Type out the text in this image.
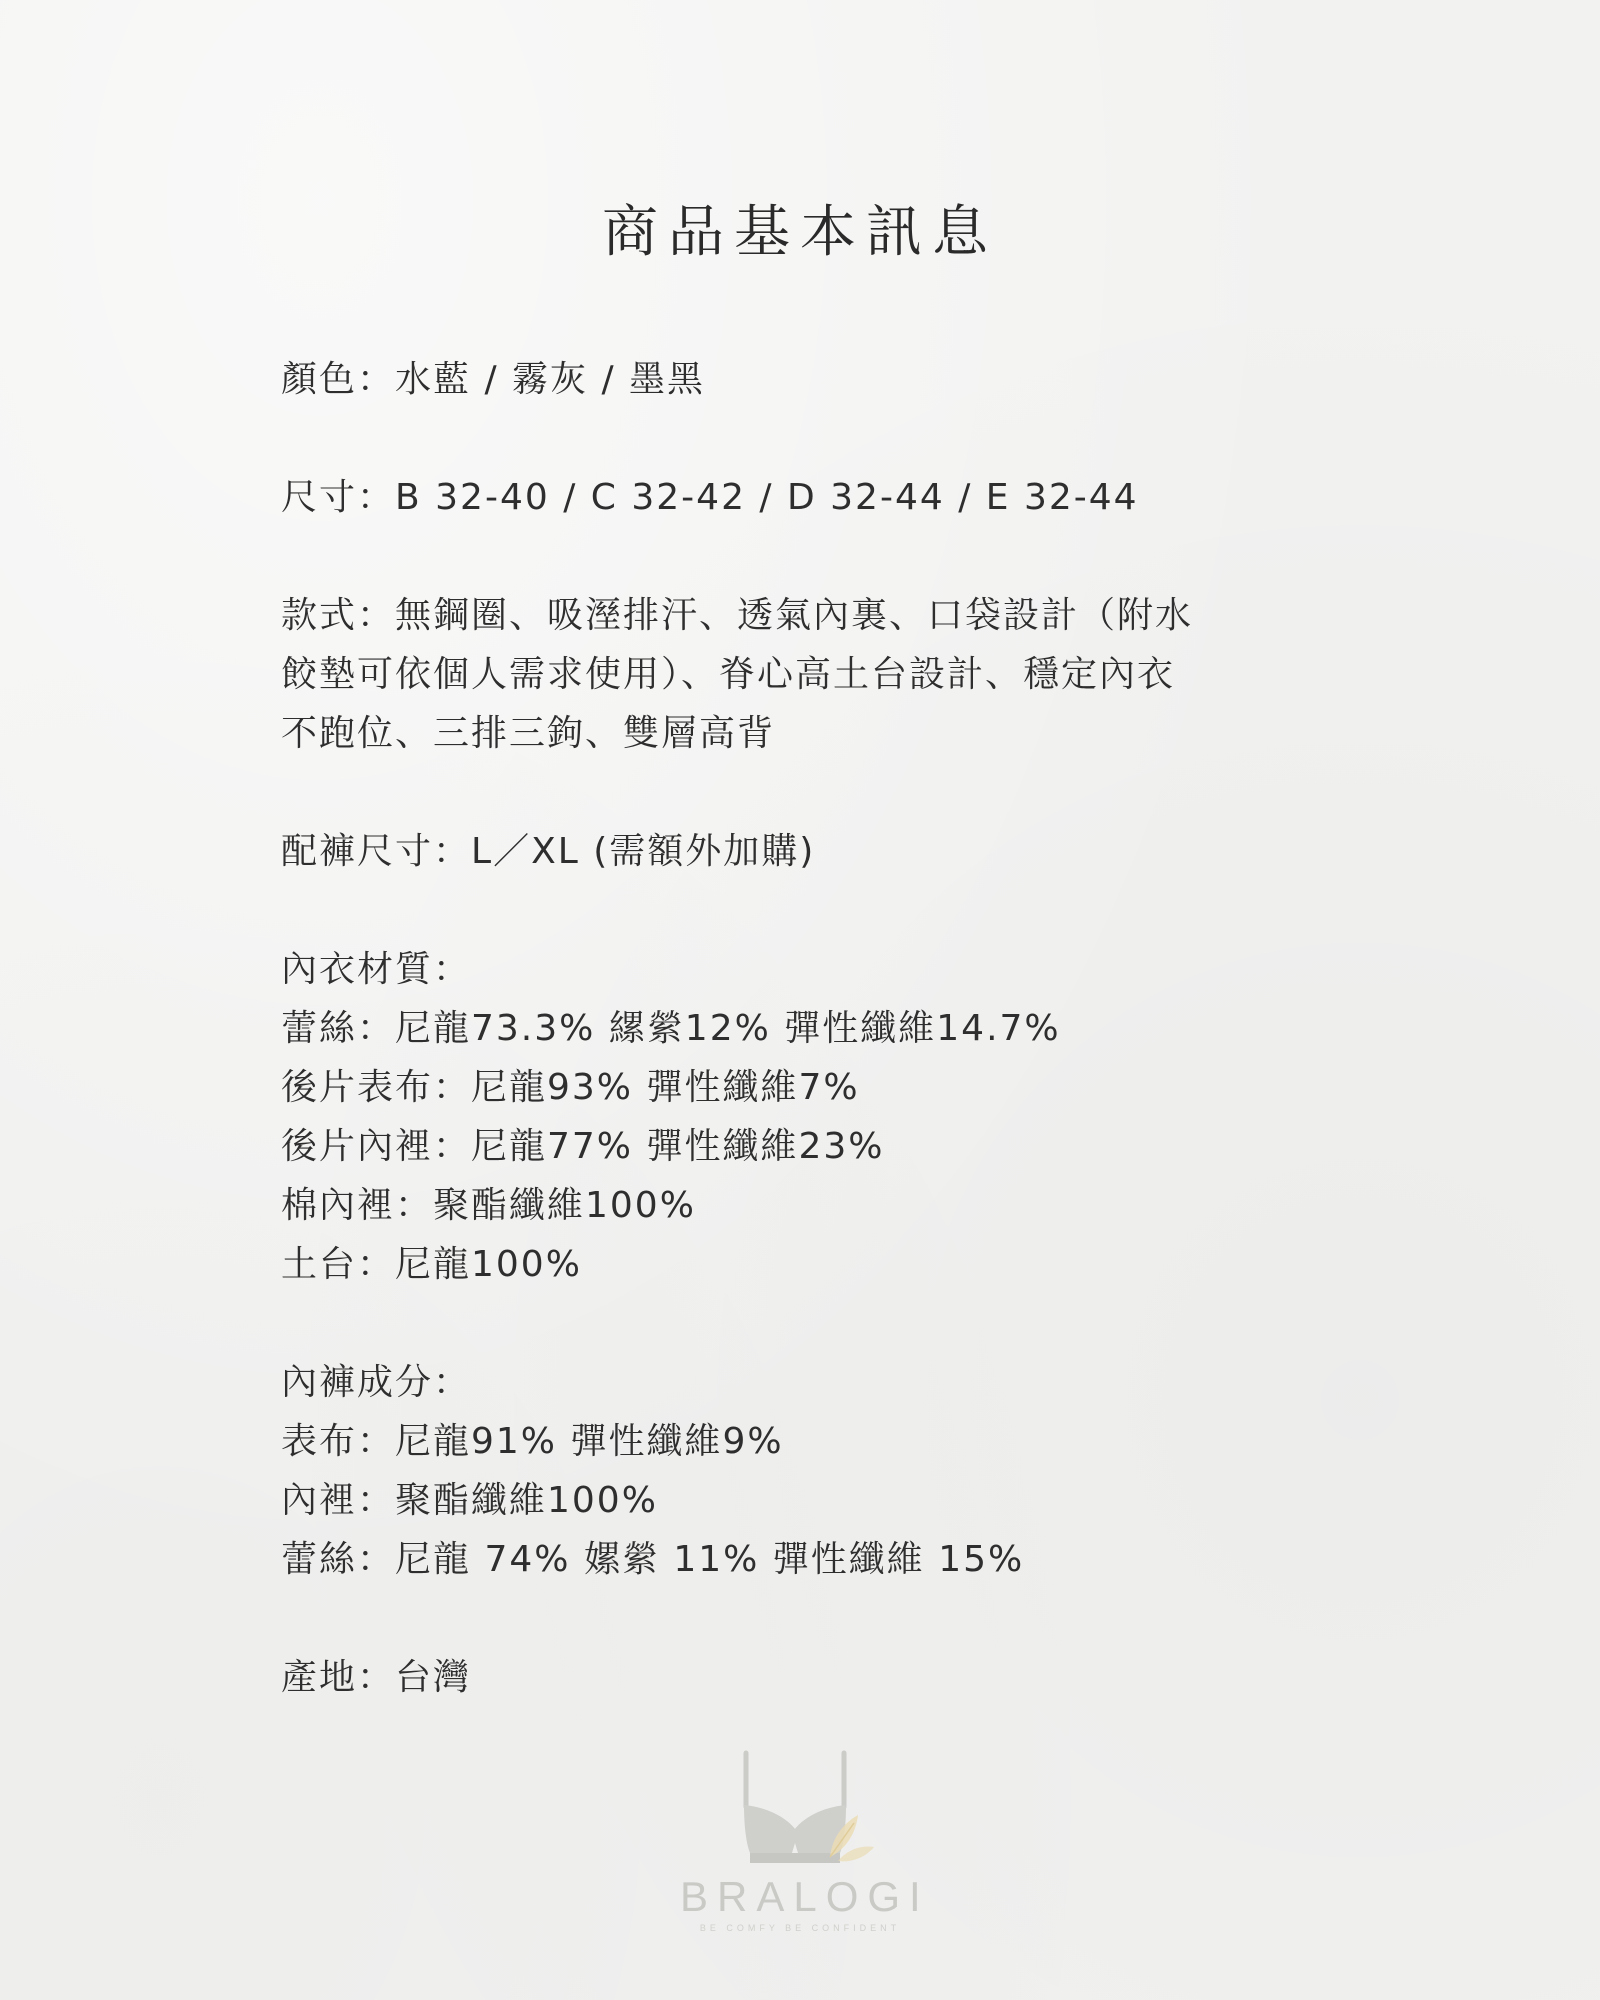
商品基本訊息
顏色：水藍 / 霧灰 / 墨黑
尺寸：B 32-40 / C 32-42 / D 32-44 / E 32-44
款式：無鋼圈、吸溼排汗、透氣內裏、口袋設計（附水
餃墊可依個人需求使用）、脊心高土台設計、穩定內衣
不跑位、三排三鉤、雙層高背
配褲尺寸：L／XL (需額外加購)
內衣材質：
蕾絲：尼龍73.3% 縲縈12% 彈性纖維14.7%
後片表布：尼龍93% 彈性纖維7%
後片內裡：尼龍77% 彈性纖維23%
棉內裡：聚酯纖維100%
土台：尼龍100%
內褲成分：
表布：尼龍91% 彈性纖維9%
內裡：聚酯纖維100%
蕾絲：尼龍 74% 嫘縈 11% 彈性纖維 15%
產地：台灣
BRALOGI
BE COMFY BE CONFIDENT
